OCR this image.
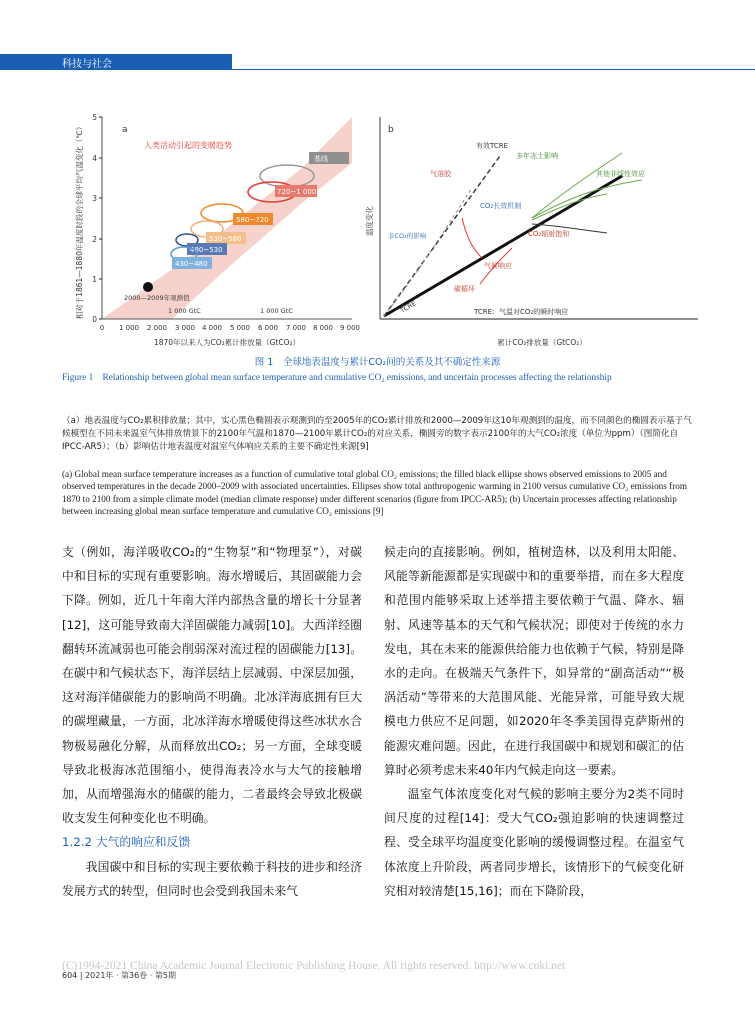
科技与社会
相对于1861—1880年温度时段的全球平均气温变化（℃）
0
1
2
3
4
5
0 1 000 2 000 3 000 4 000 5 000 6 000 7 000 8 000 9 000
1870年以来人为CO₂累计排放量（GtCO₂）
a
人类活动引起的变暖趋势
基线
720~1 000
580~720
530~580
480~530
430~480
2000—2009年观测值
1 000 GtC	1 000 GtC
b
温度变化
累计CO₂排放量（GtCO₂）
有效TCRE
多年冻土影响
气溶胶	其他非线性效应
CO₂长效机制
非CO₂的影响	CO₂辐射饱和
气候响应
碳循环
TCRE	TCRE：气温对CO₂的瞬时响应
图 1　全球地表温度与累计CO₂间的关系及其不确定性来源
Figure 1　Relationship between global mean surface temperature and cumulative CO₂ emissions, and uncertain processes affecting the relationship
（a）地表温度与CO₂累积排放量；其中，实心黑色椭圆表示观测到的至2005年的CO₂累计排放和2000—2009年这10年观测到的温度，而不同颜色的椭圆表示基于气候模型在不同未来温室气体排放情景下的2100年气温和1870—2100年累计CO₂的对应关系，椭圆旁的数字表示2100年的大气CO₂浓度（单位为ppm）（图简化自IPCC-AR5）；（b）影响估计地表温度对温室气体响应关系的主要不确定性来源[9]
(a) Global mean surface temperature increases as a function of cumulative total global CO₂ emissions; the filled black ellipse shows observed emissions to 2005 and observed temperatures in the decade 2000–2009 with associated uncertainties. Ellipses show total anthropogenic warming in 2100 versus cumulative CO₂ emissions from 1870 to 2100 from a simple climate model (median climate response) under different scenarios (figure from IPCC-AR5); (b) Uncertain processes affecting relationship between increasing global mean surface temperature and cumulative CO₂ emissions [9]

支（例如，海洋吸收CO₂的“生物泵”和“物理泵”），对碳中和目标的实现有重要影响。海水增暖后，其固碳能力会下降。例如，近几十年南大洋内部热含量的增长十分显著[12]，这可能导致南大洋固碳能力减弱[10]。大西洋经圈翻转环流减弱也可能会削弱深对流过程的固碳能力[13]。在碳中和气候状态下，海洋层结上层减弱、中深层加强，这对海洋储碳能力的影响尚不明确。北冰洋海底拥有巨大的碳埋藏量，一方面，北冰洋海水增暖使得这些冰状水合物极易融化分解，从而释放出CO₂；另一方面，全球变暖导致北极海冰范围缩小，使得海表冷水与大气的接触增加，从而增强海水的储碳的能力，二者最终会导致北极碳收支发生何种变化也不明确。

1.2.2 大气的响应和反馈

我国碳中和目标的实现主要依赖于科技的进步和经济发展方式的转型，但同时也会受到我国未来气

候走向的直接影响。例如，植树造林，以及利用太阳能、风能等新能源都是实现碳中和的重要举措，而在多大程度和范围内能够采取上述举措主要依赖于气温、降水、辐射、风速等基本的天气和气候状况；即使对于传统的水力发电，其在未来的能源供给能力也依赖于气候，特别是降水的走向。在极端天气条件下，如异常的“副高活动”“极涡活动”等带来的大范围风能、光能异常，可能导致大规模电力供应不足问题，如2020年冬季美国得克萨斯州的能源灾难问题。因此，在进行我国碳中和规划和碳汇的估算时必须考虑未来40年内气候走向这一要素。

温室气体浓度变化对气候的影响主要分为2类不同时间尺度的过程[14]：受大气CO₂强迫影响的快速调整过程、受全球平均温度变化影响的缓慢调整过程。在温室气体浓度上升阶段，两者同步增长，该情形下的气候变化研究相对较清楚[15,16]；而在下降阶段，

(C)1994-2021 China Academic Journal Electronic Publishing House. All rights reserved. http://www.cnki.net
604 | 2021年 · 第36卷 · 第5期
